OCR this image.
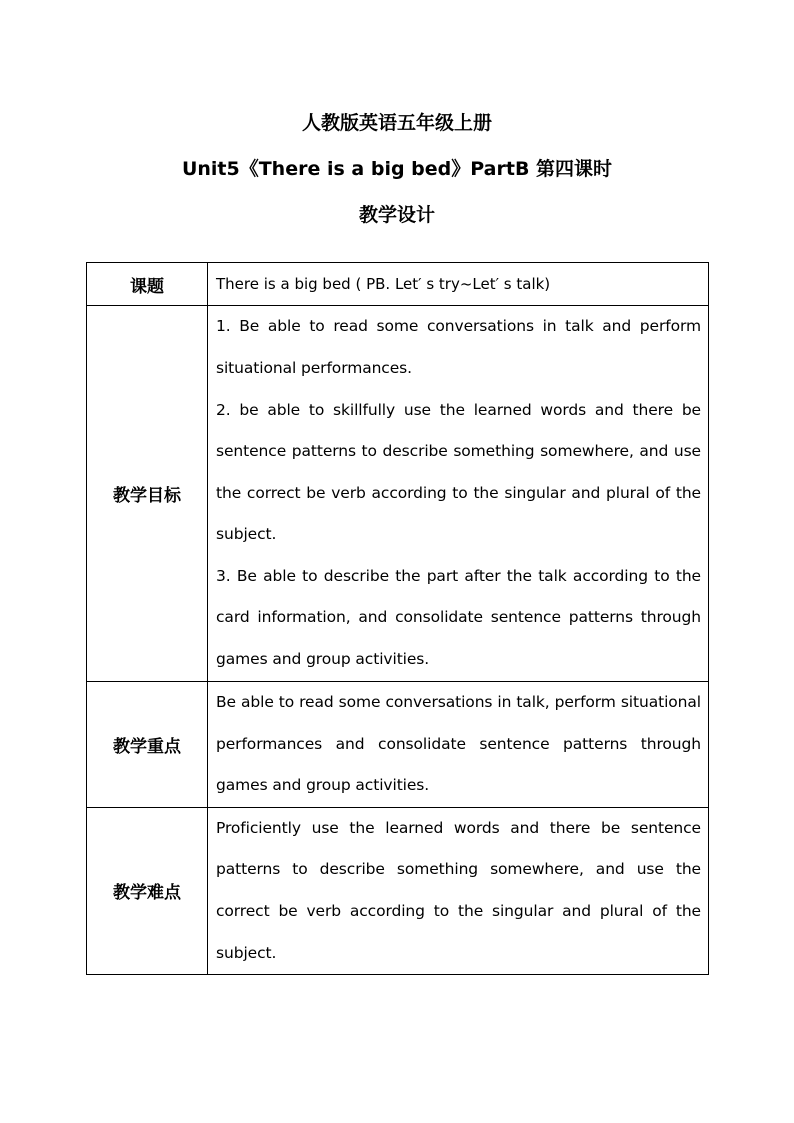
人教版英语五年级上册
Unit5《There is a big bed》PartB 第四课时
教学设计
课题	There is a big bed ( PB. Let′ s try~Let′ s talk)
教学目标	1. Be able to read some conversations in talk and perform situational performances.
2. be able to skillfully use the learned words and there be sentence patterns to describe something somewhere, and use the correct be verb according to the singular and plural of the subject.
3. Be able to describe the part after the talk according to the card information, and consolidate sentence patterns through games and group activities.

教学重点	Be able to read some conversations in talk, perform situational performances and consolidate sentence patterns through games and group activities.

教学难点	Proficiently use the learned words and there be sentence patterns to describe something somewhere, and use the correct be verb according to the singular and plural of the subject.
